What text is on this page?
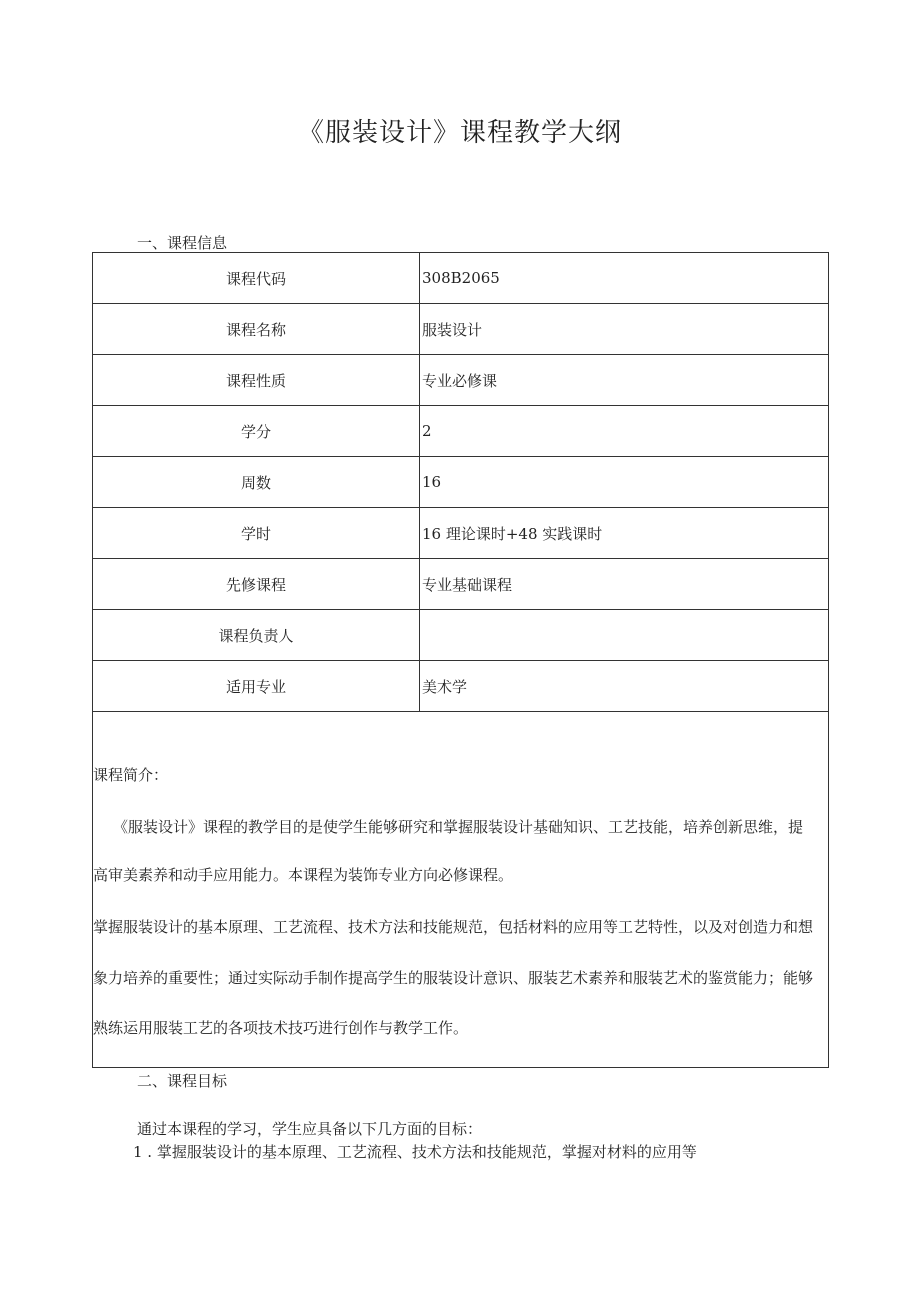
《服装设计》课程教学大纲
一、课程信息
课程代码	308B2065
课程名称	服装设计
课程性质	专业必修课
学分	2
周数	16
学时	16 理论课时+48 实践课时
先修课程	专业基础课程
课程负责人	
适用专业	美术学

课程简介：

《服装设计》课程的教学目的是使学生能够研究和掌握服装设计基础知识、工艺技能，培养创新思维，提

高审美素养和动手应用能力。本课程为装饰专业方向必修课程。

掌握服装设计的基本原理、工艺流程、技术方法和技能规范，包括材料的应用等工艺特性，以及对创造力和想

象力培养的重要性；通过实际动手制作提高学生的服装设计意识、服装艺术素养和服装艺术的鉴赏能力；能够

熟练运用服装工艺的各项技术技巧进行创作与教学工作。

二、课程目标

通过本课程的学习，学生应具备以下几方面的目标：

1 . 掌握服装设计的基本原理、工艺流程、技术方法和技能规范，掌握对材料的应用等
